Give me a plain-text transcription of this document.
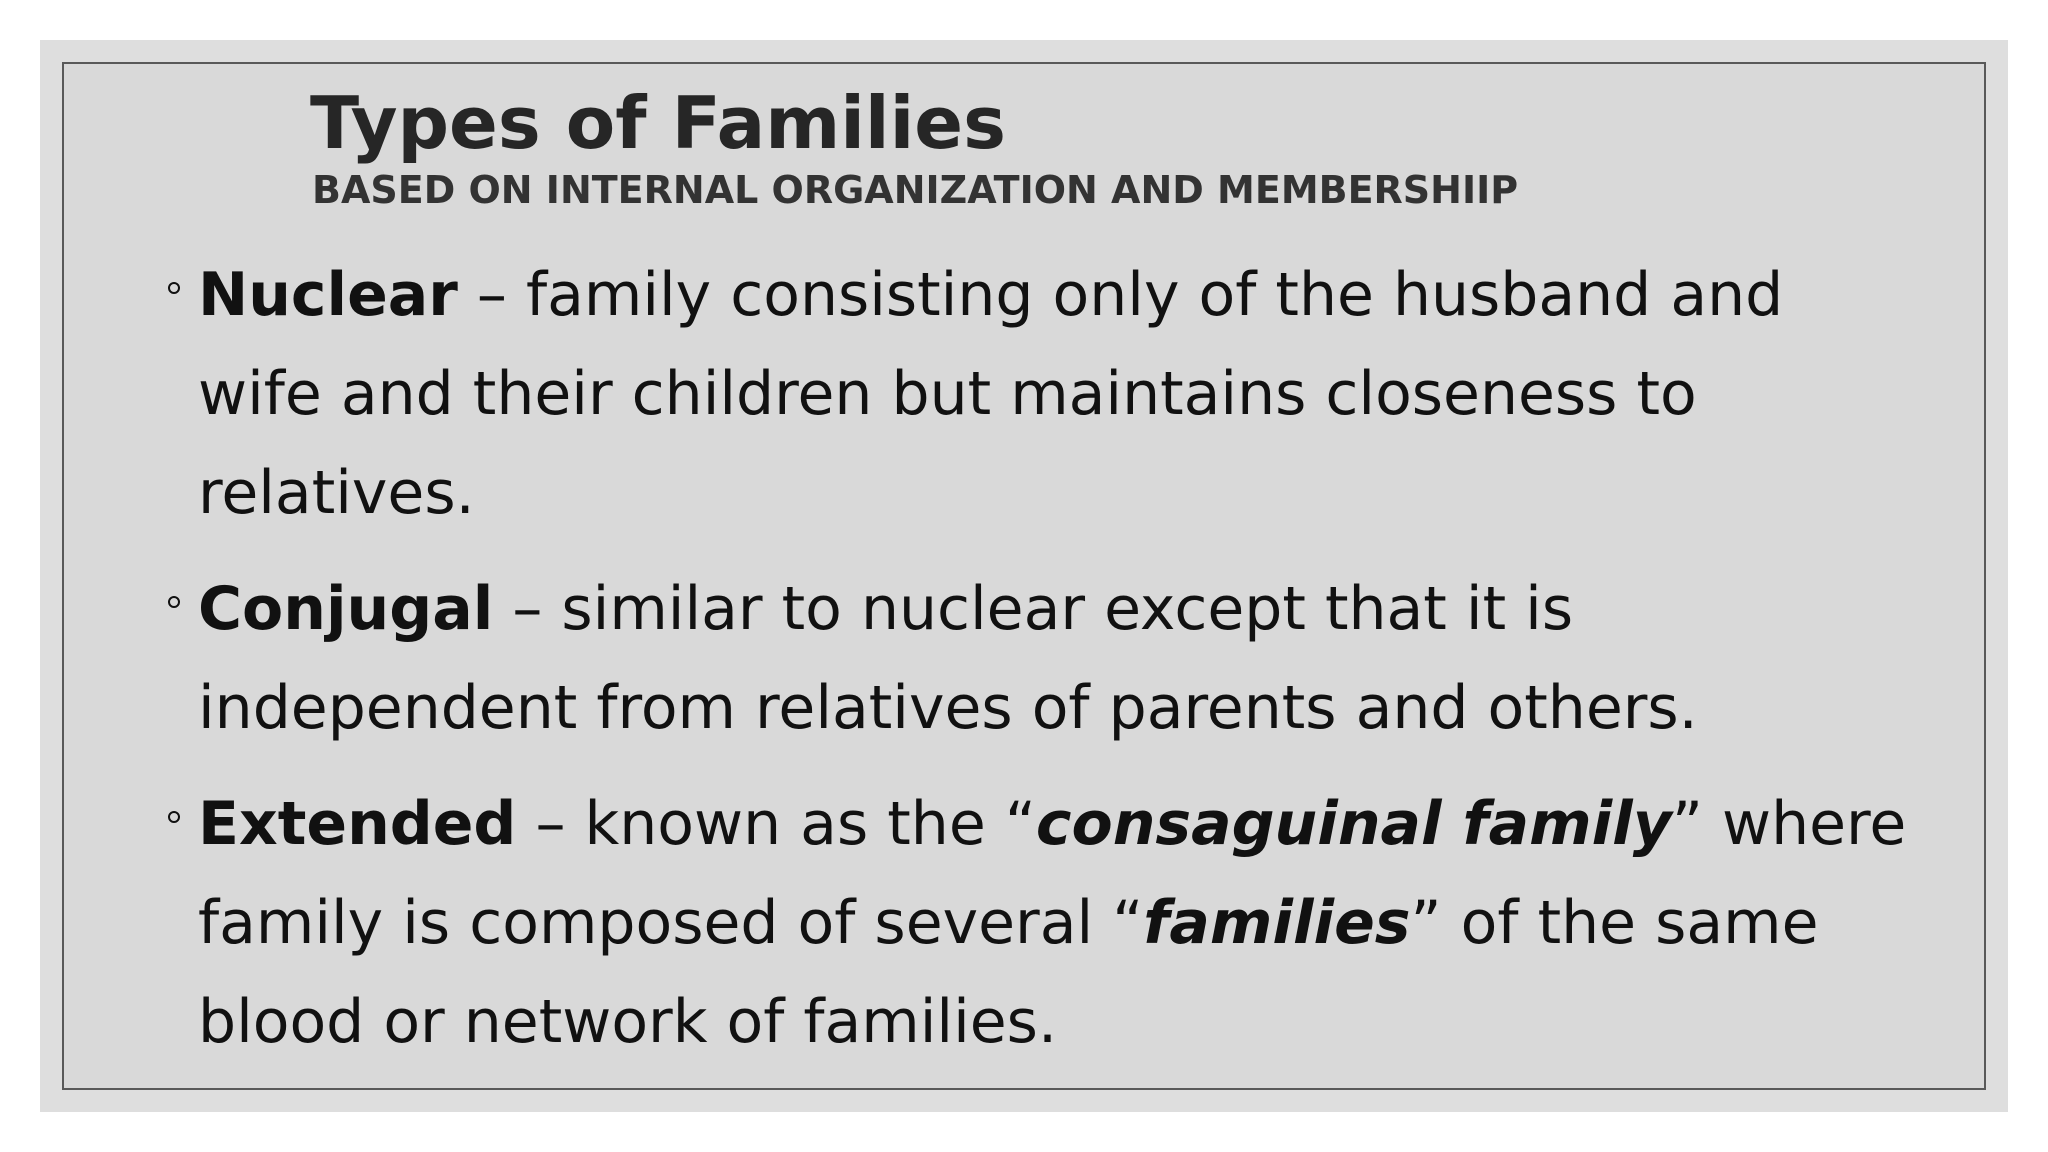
Types of Families
BASED ON INTERNAL ORGANIZATION AND MEMBERSHIIP
Nuclear – family consisting only of the husband and wife and their children but maintains closeness to relatives.
Conjugal – similar to nuclear except that it is independent from relatives of parents and others.
Extended – known as the “consaguinal family” where family is composed of several “families” of the same blood or network of families.
